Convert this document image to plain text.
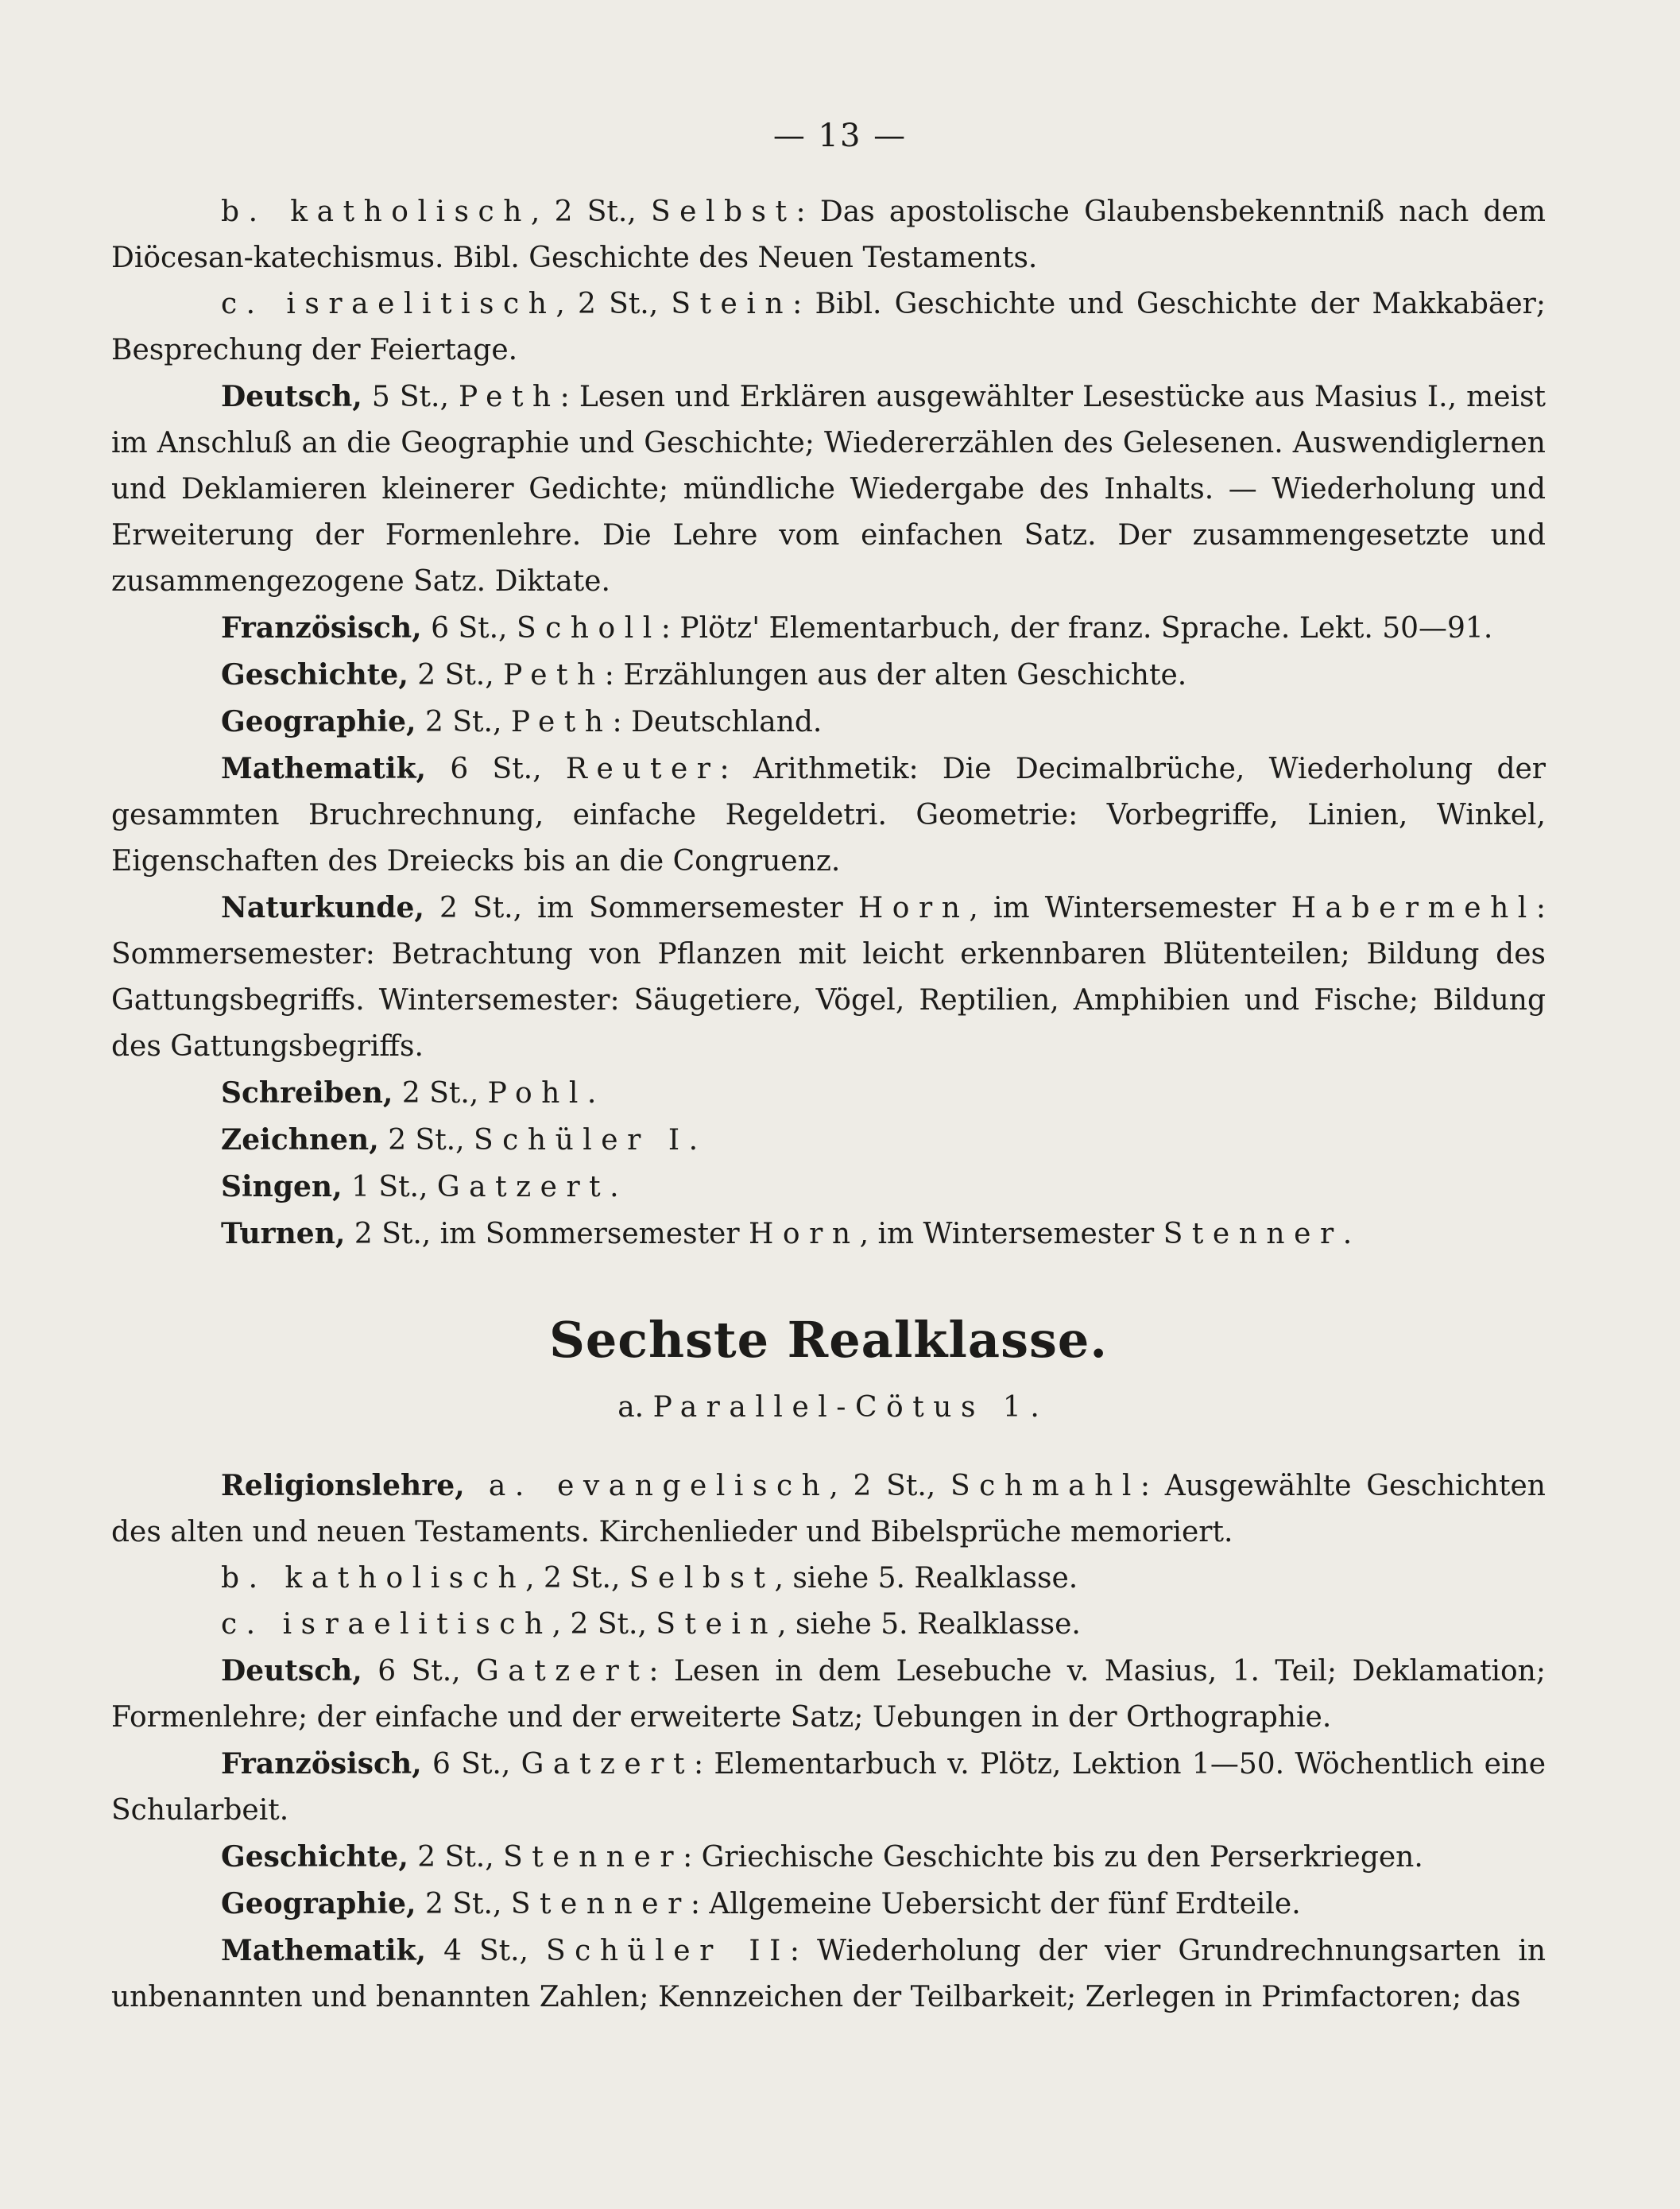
— 13 —

b. katholisch, 2 St., Selbst: Das apostolische Glaubensbekenntniß nach dem Diöcesan-katechismus. Bibl. Geschichte des Neuen Testaments.

c. israelitisch, 2 St., Stein: Bibl. Geschichte und Geschichte der Makkabäer; Besprechung der Feiertage.

Deutsch, 5 St., Peth: Lesen und Erklären ausgewählter Lesestücke aus Masius I., meist im Anschluß an die Geographie und Geschichte; Wiedererzählen des Gelesenen. Auswendiglernen und Deklamieren kleinerer Gedichte; mündliche Wiedergabe des Inhalts. — Wiederholung und Erweiterung der Formenlehre. Die Lehre vom einfachen Satz. Der zusammengesetzte und zusammengezogene Satz. Diktate.

Französisch, 6 St., Scholl: Plötz' Elementarbuch, der franz. Sprache. Lekt. 50—91.

Geschichte, 2 St., Peth: Erzählungen aus der alten Geschichte.

Geographie, 2 St., Peth: Deutschland.

Mathematik, 6 St., Reuter: Arithmetik: Die Decimalbrüche, Wiederholung der gesammten Bruchrechnung, einfache Regeldetri. Geometrie: Vorbegriffe, Linien, Winkel, Eigenschaften des Dreiecks bis an die Congruenz.

Naturkunde, 2 St., im Sommersemester Horn, im Wintersemester Habermehl: Sommersemester: Betrachtung von Pflanzen mit leicht erkennbaren Blütenteilen; Bildung des Gattungsbegriffs. Wintersemester: Säugetiere, Vögel, Reptilien, Amphibien und Fische; Bildung des Gattungsbegriffs.

Schreiben, 2 St., Pohl.

Zeichnen, 2 St., Schüler I.

Singen, 1 St., Gatzert.

Turnen, 2 St., im Sommersemester Horn, im Wintersemester Stenner.

Sechste Realklasse.

a. Parallel-Cötus 1.

Religionslehre, a. evangelisch, 2 St., Schmahl: Ausgewählte Geschichten des alten und neuen Testaments. Kirchenlieder und Bibelsprüche memoriert.

b. katholisch, 2 St., Selbst, siehe 5. Realklasse.

c. israelitisch, 2 St., Stein, siehe 5. Realklasse.

Deutsch, 6 St., Gatzert: Lesen in dem Lesebuche v. Masius, 1. Teil; Deklamation; Formenlehre; der einfache und der erweiterte Satz; Uebungen in der Orthographie.

Französisch, 6 St., Gatzert: Elementarbuch v. Plötz, Lektion 1—50. Wöchentlich eine Schularbeit.

Geschichte, 2 St., Stenner: Griechische Geschichte bis zu den Perserkriegen.

Geographie, 2 St., Stenner: Allgemeine Uebersicht der fünf Erdteile.

Mathematik, 4 St., Schüler II: Wiederholung der vier Grundrechnungsarten in unbenannten und benannten Zahlen; Kennzeichen der Teilbarkeit; Zerlegen in Primfactoren; das
